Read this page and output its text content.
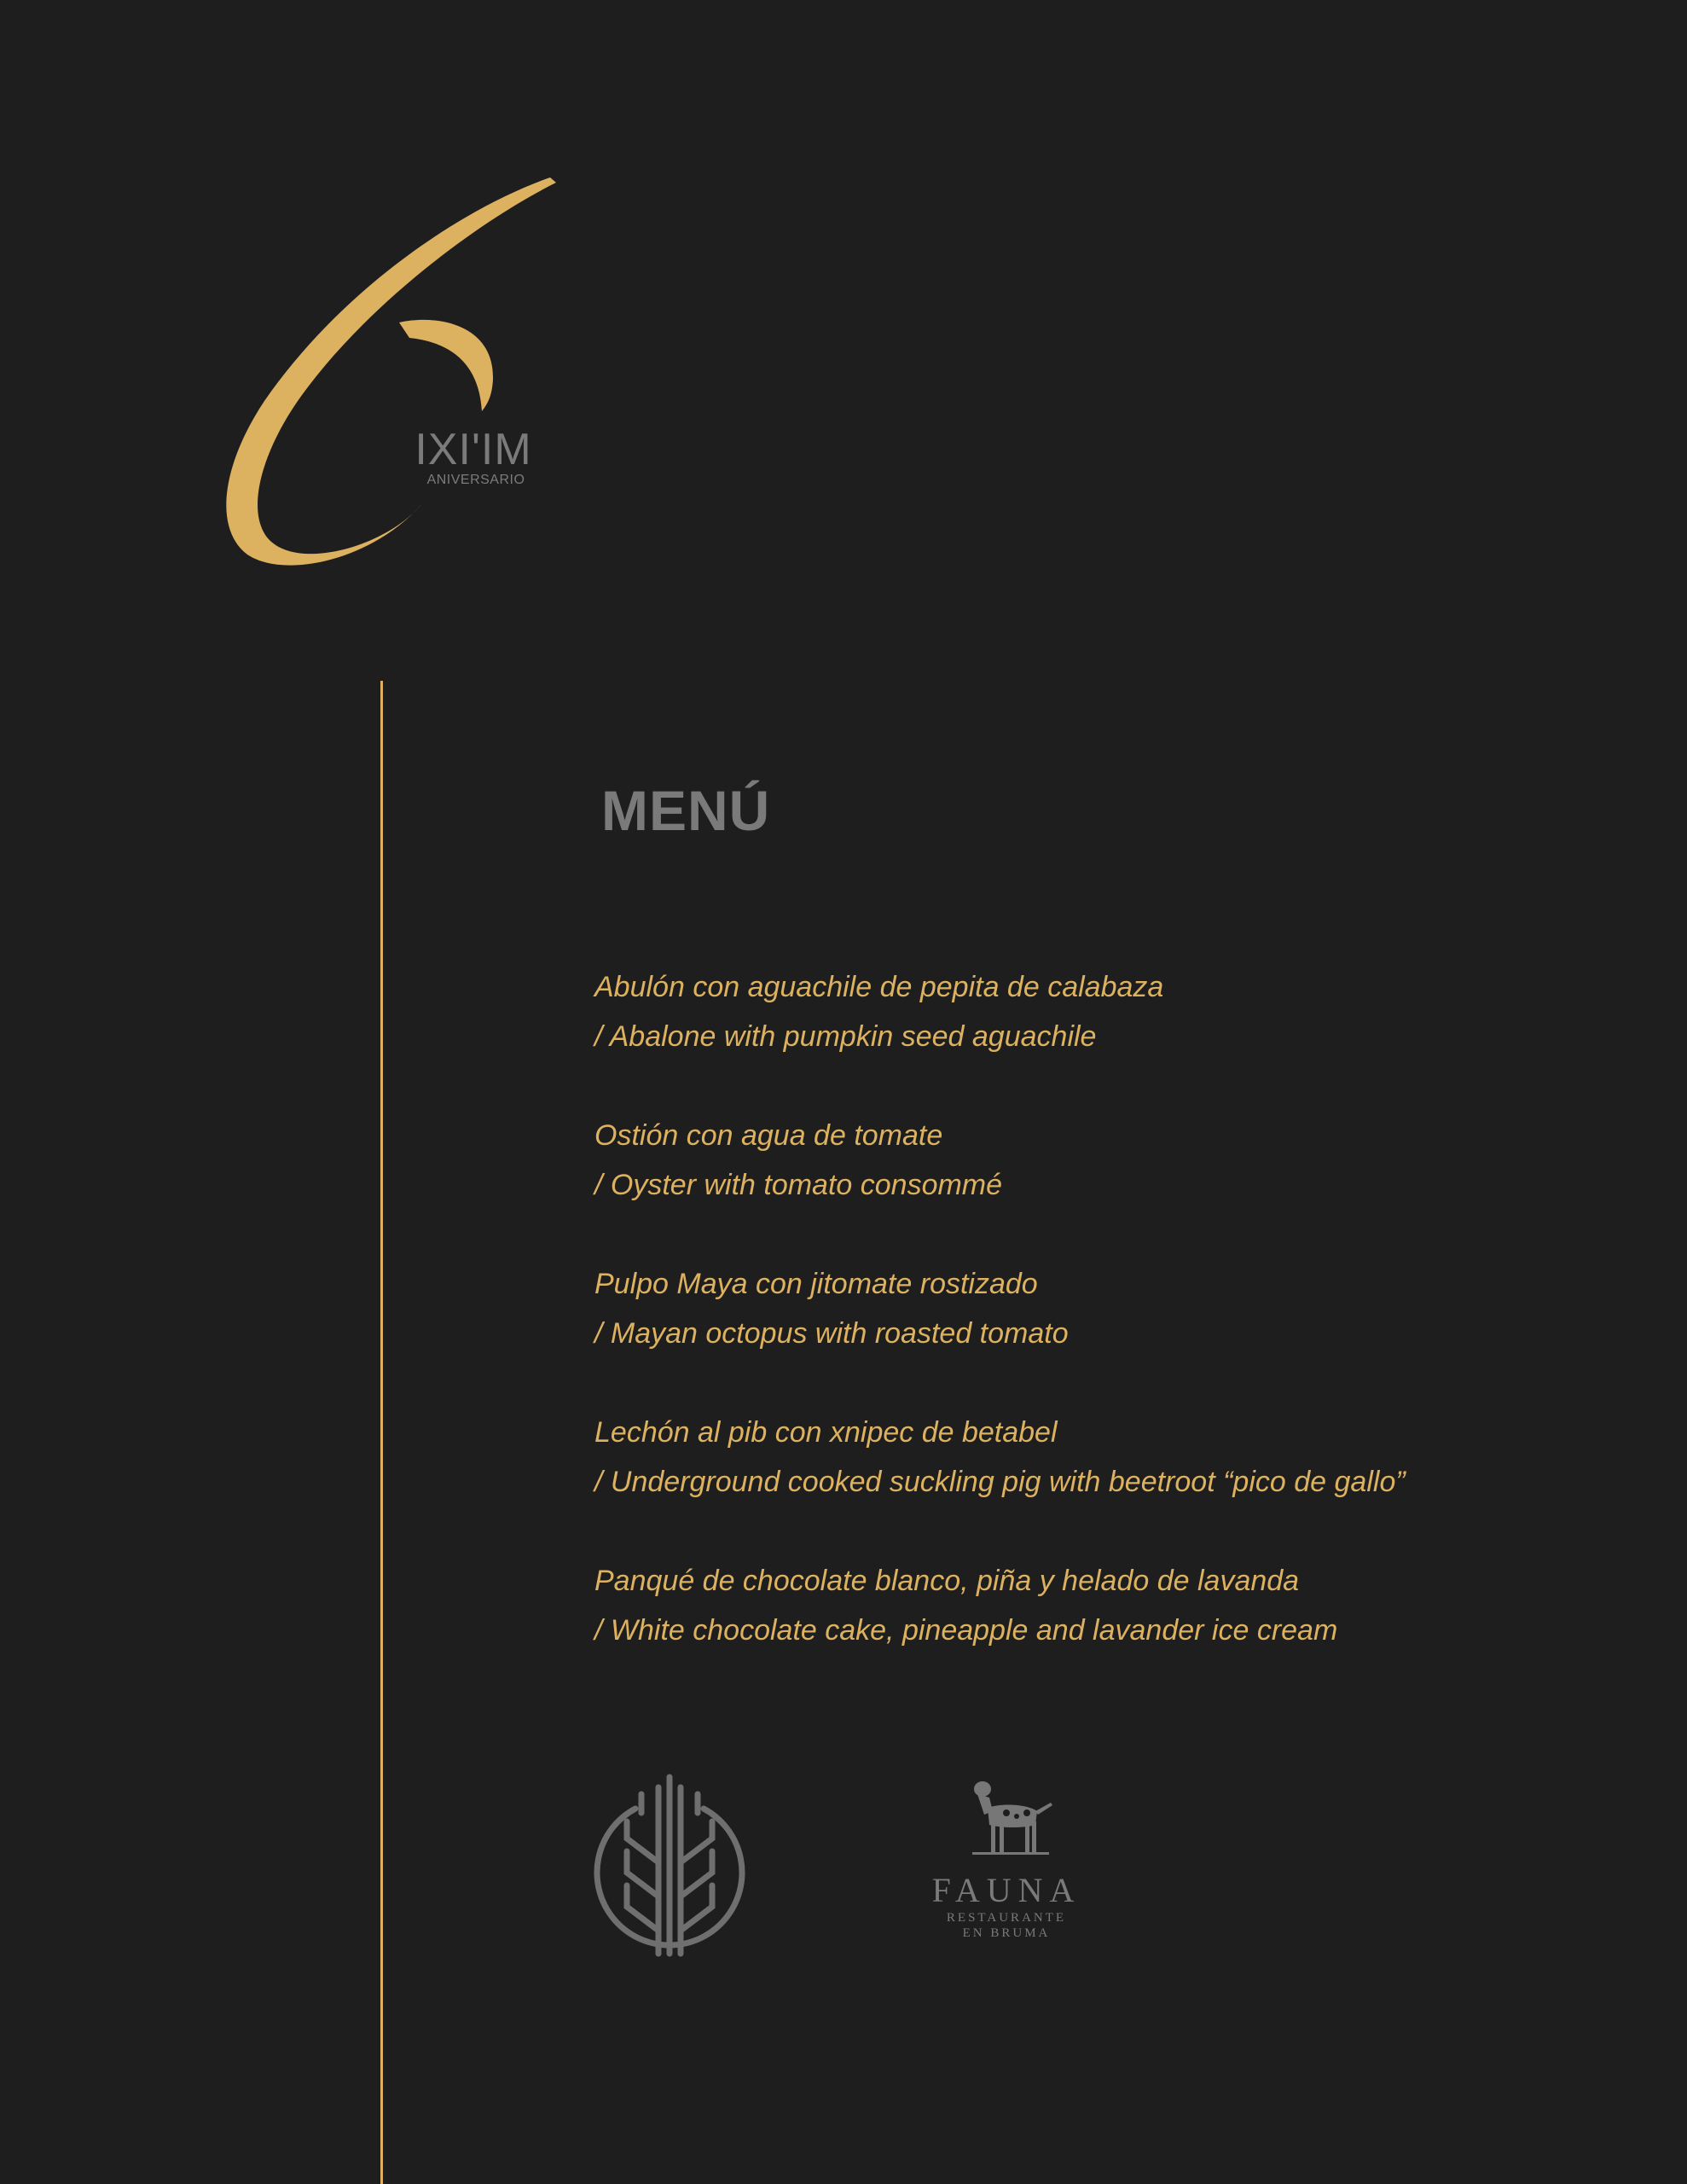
IXI'IM
ANIVERSARIO
MENÚ
Abulón con aguachile de pepita de calabaza
/ Abalone with pumpkin seed aguachile
Ostión con agua de tomate
/ Oyster with tomato consommé
Pulpo Maya con jitomate rostizado
/ Mayan octopus with roasted tomato
Lechón al pib con xnipec de betabel
/ Underground cooked suckling pig with beetroot “pico de gallo”
Panqué de chocolate blanco, piña y helado de lavanda
/ White chocolate cake, pineapple and lavander ice cream
FAUNA
RESTAURANTE
EN BRUMA
